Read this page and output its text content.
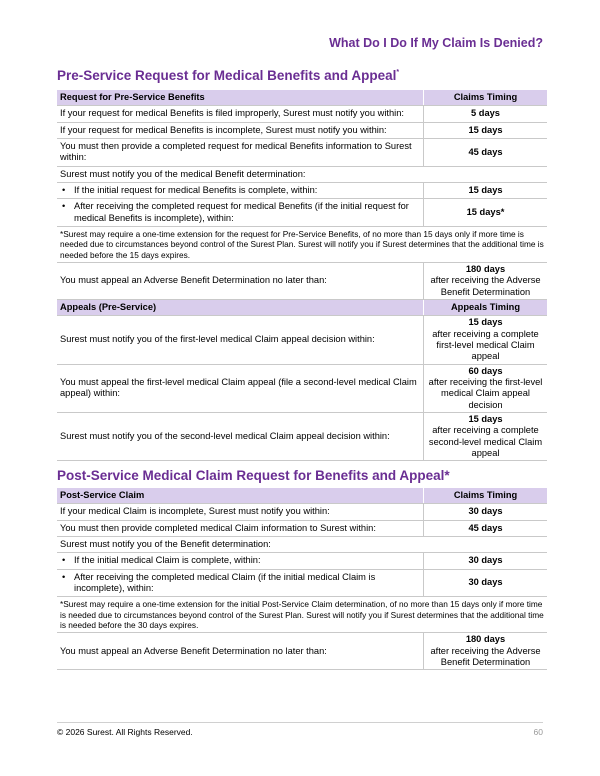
What Do I Do If My Claim Is Denied?
Pre-Service Request for Medical Benefits and Appeal*
Request for Pre-Service Benefits	Claims Timing
If your request for medical Benefits is filed improperly, Surest must notify you within:	5 days
If your request for medical Benefits is incomplete, Surest must notify you within:	15 days
You must then provide a completed request for medical Benefits information to Surest within:	45 days
Surest must notify you of the medical Benefit determination:	

• If the initial request for medical Benefits is complete, within:	15 days

• After receiving the completed request for medical Benefits (if the initial request for medical Benefits is incomplete), within:	15 days*
*Surest may require a one-time extension for the request for Pre-Service Benefits, of no more than 15 days only if more time is needed due to circumstances beyond control of the Surest Plan. Surest will notify you if Surest determines that the additional time is needed before the 15 days expires.	
You must appeal an Adverse Benefit Determination no later than:	180 days
after receiving the Adverse Benefit Determination

Appeals (Pre-Service)	Appeals Timing
Surest must notify you of the first-level medical Claim appeal decision within:	15 days
after receiving a complete first-level medical Claim appeal

You must appeal the first-level medical Claim appeal (file a second-level medical Claim appeal) within:	60 days
after receiving the first-level medical Claim appeal decision

Surest must notify you of the second-level medical Claim appeal decision within:	15 days
after receiving a complete second-level medical Claim appeal
Post-Service Medical Claim Request for Benefits and Appeal*
Post-Service Claim	Claims Timing
If your medical Claim is incomplete, Surest must notify you within:	30 days
You must then provide completed medical Claim information to Surest within:	45 days
Surest must notify you of the Benefit determination:	

• If the initial medical Claim is complete, within:	30 days

• After receiving the completed medical Claim (if the initial medical Claim is incomplete), within:	30 days
*Surest may require a one-time extension for the initial Post-Service Claim determination, of no more than 15 days only if more time is needed due to circumstances beyond control of the Surest Plan. Surest will notify you if Surest determines that the additional time is needed before the 30 days expires.	
You must appeal an Adverse Benefit Determination no later than:	180 days
after receiving the Adverse Benefit Determination
© 2026 Surest. All Rights Reserved.	60
